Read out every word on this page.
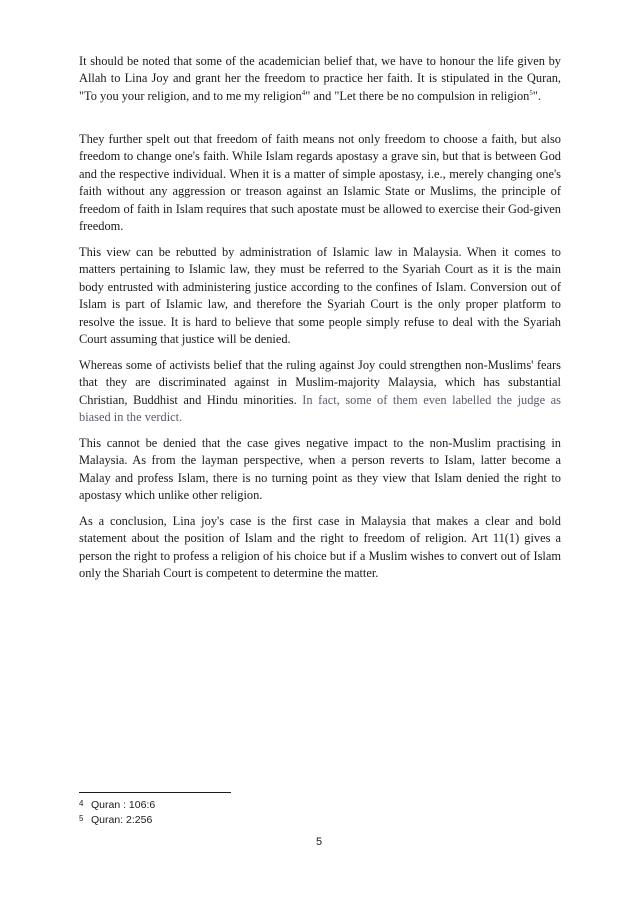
It should be noted that some of the academician belief that, we have to honour the life given by Allah to Lina Joy and grant her the freedom to practice her faith. It is stipulated in the Quran, "To you your religion, and to me my religion$^4$" and "Let there be no compulsion in religion$^5$".

They further spelt out that freedom of faith means not only freedom to choose a faith, but also freedom to change one's faith. While Islam regards apostasy a grave sin, but that is between God and the respective individual. When it is a matter of simple apostasy, i.e., merely changing one's faith without any aggression or treason against an Islamic State or Muslims, the principle of freedom of faith in Islam requires that such apostate must be allowed to exercise their God-given freedom.

This view can be rebutted by administration of Islamic law in Malaysia. When it comes to matters pertaining to Islamic law, they must be referred to the Syariah Court as it is the main body entrusted with administering justice according to the confines of Islam. Conversion out of Islam is part of Islamic law, and therefore the Syariah Court is the only proper platform to resolve the issue. It is hard to believe that some people simply refuse to deal with the Syariah Court assuming that justice will be denied.

Whereas some of activists belief that the ruling against Joy could strengthen non-Muslims' fears that they are discriminated against in Muslim-majority Malaysia, which has substantial Christian, Buddhist and Hindu minorities. In fact, some of them even labelled the judge as biased in the verdict.

This cannot be denied that the case gives negative impact to the non-Muslim practising in Malaysia. As from the layman perspective, when a person reverts to Islam, latter become a Malay and profess Islam, there is no turning point as they view that Islam denied the right to apostasy which unlike other religion.

As a conclusion, Lina joy's case is the first case in Malaysia that makes a clear and bold statement about the position of Islam and the right to freedom of religion. Art 11(1) gives a person the right to profess a religion of his choice but if a Muslim wishes to convert out of Islam only the Shariah Court is competent to determine the matter.

4 Quran : 106:6
5 Quran: 2:256
5
